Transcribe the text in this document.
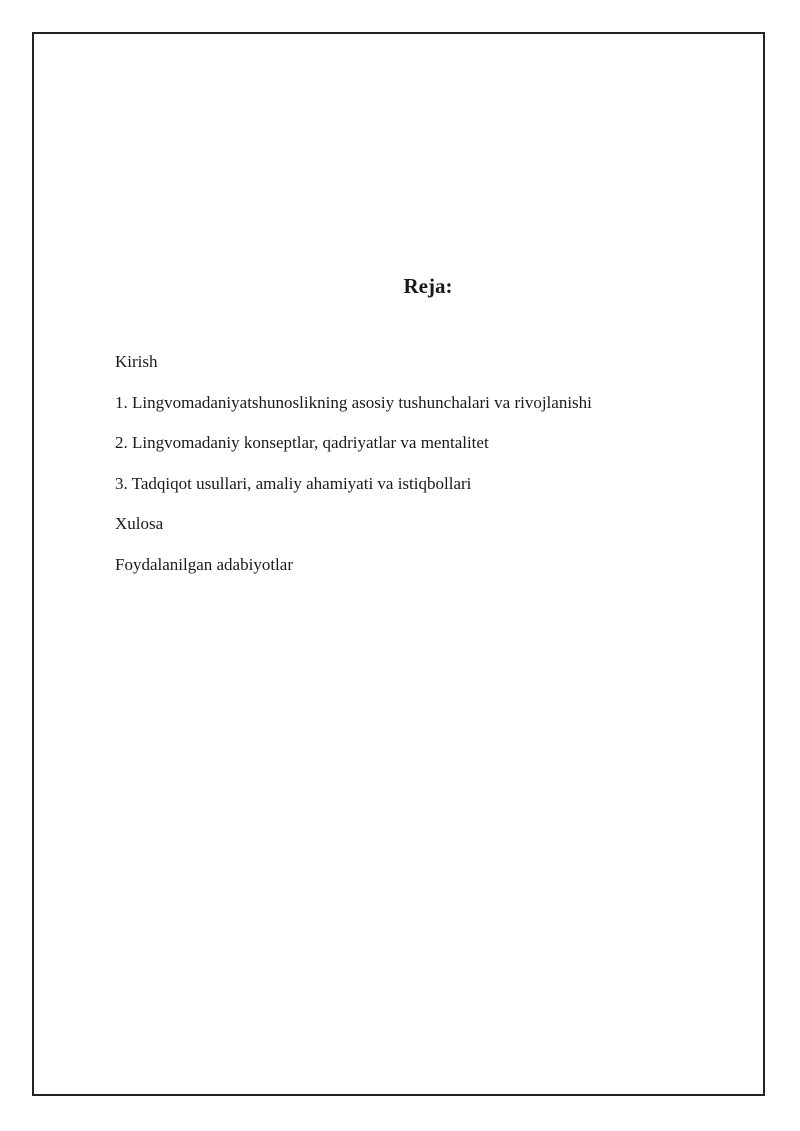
Reja:
Kirish
1. Lingvomadaniyatshunoslikning asosiy tushunchalari va rivojlanishi
2. Lingvomadaniy konseptlar, qadriyatlar va mentalitet
3. Tadqiqot usullari, amaliy ahamiyati va istiqbollari
Xulosa
Foydalanilgan adabiyotlar
